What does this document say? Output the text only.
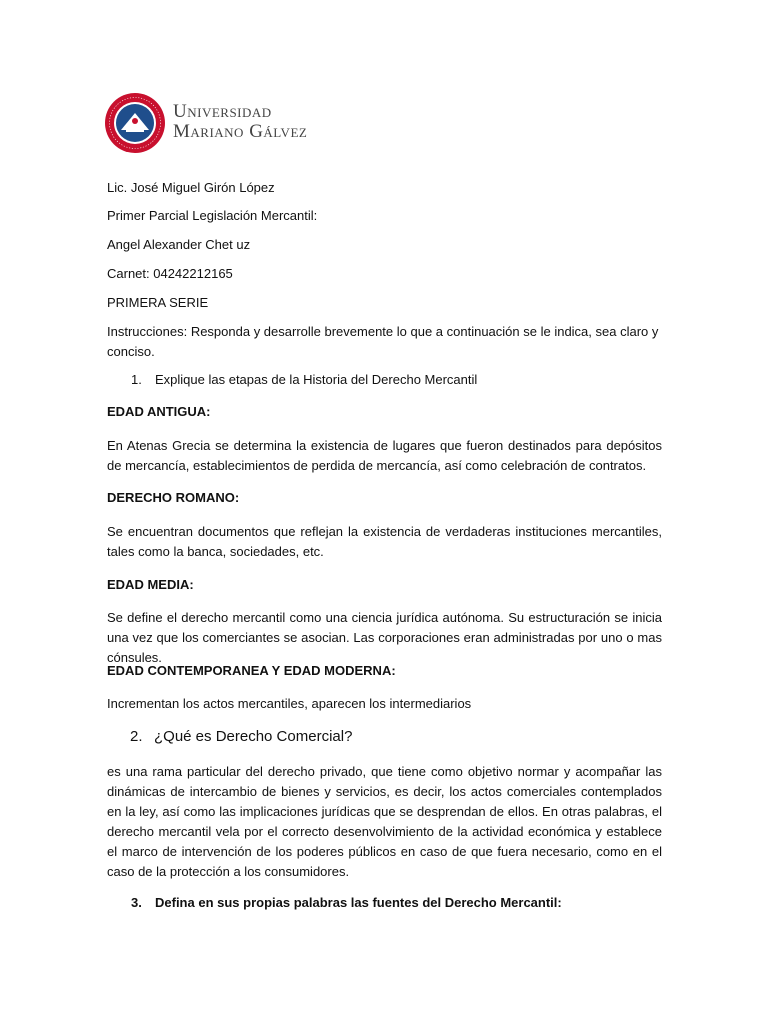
Universidad
Mariano Gálvez
Lic. José Miguel Girón López
Primer Parcial Legislación Mercantil:
Angel Alexander Chet uz
Carnet: 04242212165
PRIMERA SERIE
Instrucciones: Responda y desarrolle brevemente lo que a continuación se le indica, sea claro y conciso.
1. Explique las etapas de la Historia del Derecho Mercantil
EDAD ANTIGUA:
En Atenas Grecia se determina la existencia de lugares que fueron destinados para depósitos de mercancía, establecimientos de perdida de mercancía, así como celebración de contratos.
DERECHO ROMANO:
Se encuentran documentos que reflejan la existencia de verdaderas instituciones mercantiles, tales como la banca, sociedades, etc.
EDAD MEDIA:
Se define el derecho mercantil como una ciencia jurídica autónoma. Su estructuración se inicia una vez que los comerciantes se asocian. Las corporaciones eran administradas por uno o mas cónsules.
EDAD CONTEMPORANEA Y EDAD MODERNA:
Incrementan los actos mercantiles, aparecen los intermediarios
2. ¿Qué es Derecho Comercial?
es una rama particular del derecho privado, que tiene como objetivo normar y acompañar las dinámicas de intercambio de bienes y servicios, es decir, los actos comerciales contemplados en la ley, así como las implicaciones jurídicas que se desprendan de ellos. En otras palabras, el derecho mercantil vela por el correcto desenvolvimiento de la actividad económica y establece el marco de intervención de los poderes públicos en caso de que fuera necesario, como en el caso de la protección a los consumidores.
3. Defina en sus propias palabras las fuentes del Derecho Mercantil:
